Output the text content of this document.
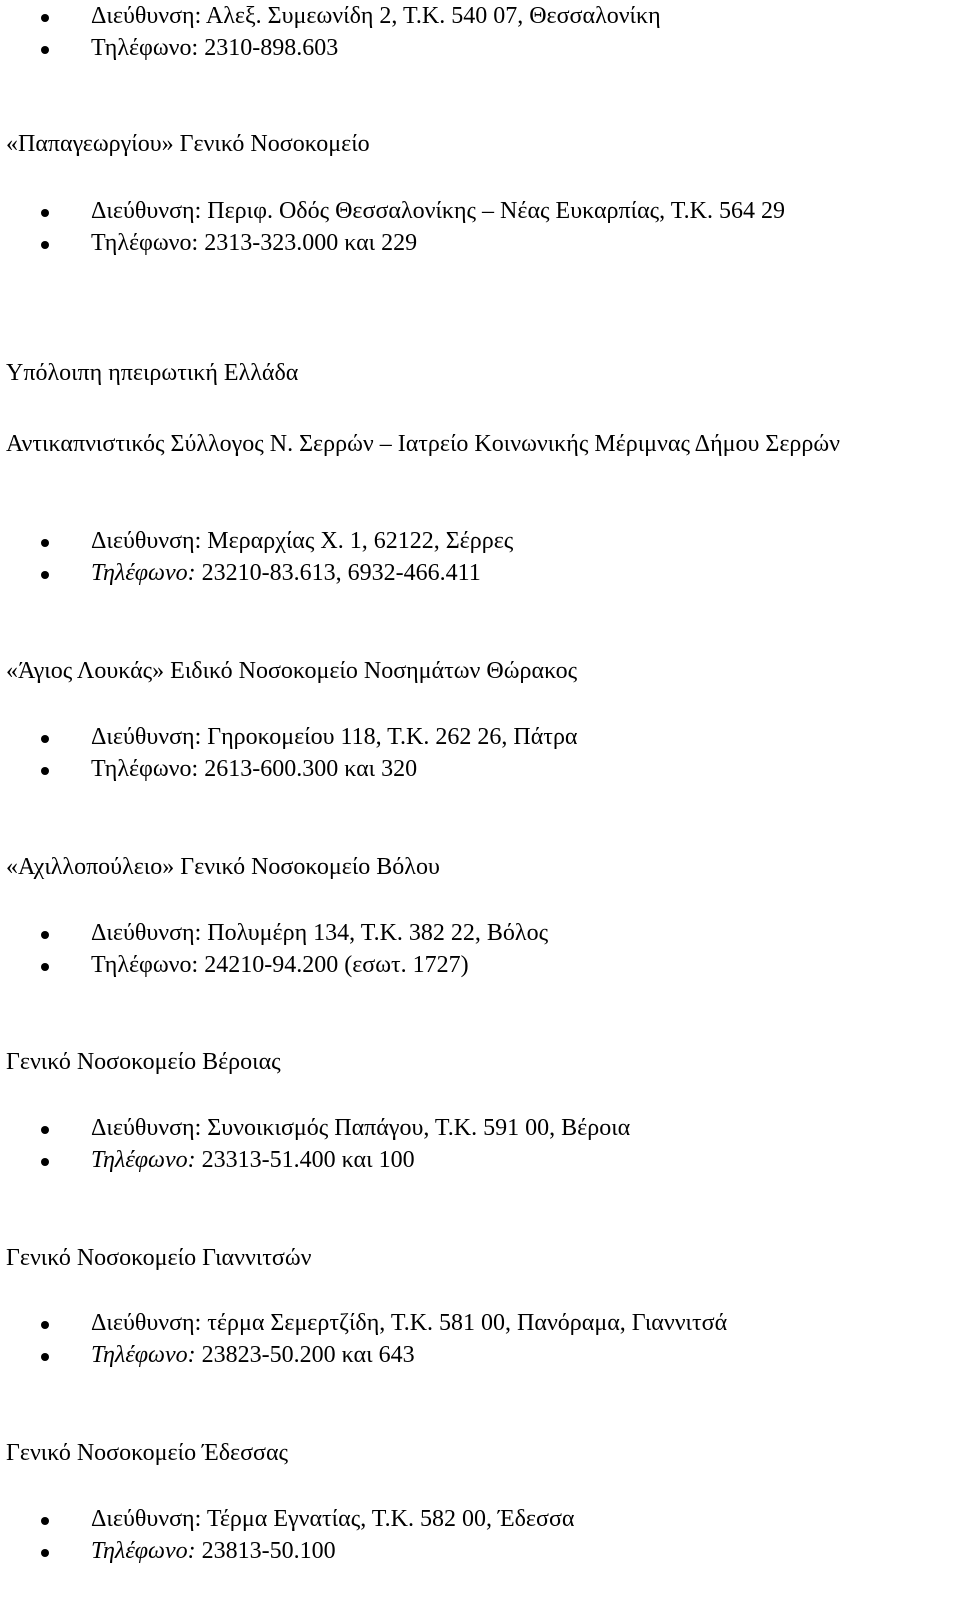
Διεύθυνση: Αλεξ. Συμεωνίδη 2, Τ.Κ. 540 07, Θεσσαλονίκη
Τηλέφωνο: 2310-898.603
«Παπαγεωργίου» Γενικό Νοσοκομείο
Διεύθυνση: Περιφ. Οδός Θεσσαλονίκης – Νέας Ευκαρπίας, Τ.Κ. 564 29
Τηλέφωνο: 2313-323.000 και 229
Υπόλοιπη ηπειρωτική Ελλάδα
Αντικαπνιστικός Σύλλογος Ν. Σερρών – Ιατρείο Κοινωνικής Μέριμνας Δήμου Σερρών
Διεύθυνση: Μεραρχίας Χ. 1, 62122, Σέρρες
Τηλέφωνο: 23210-83.613, 6932-466.411
«Άγιος Λουκάς» Ειδικό Νοσοκομείο Νοσημάτων Θώρακος
Διεύθυνση: Γηροκομείου 118, Τ.Κ. 262 26, Πάτρα
Τηλέφωνο: 2613-600.300 και 320
«Αχιλλοπούλειο» Γενικό Νοσοκομείο Βόλου
Διεύθυνση: Πολυμέρη 134, Τ.Κ. 382 22, Βόλος
Τηλέφωνο: 24210-94.200 (εσωτ. 1727)
Γενικό Νοσοκομείο Βέροιας
Διεύθυνση: Συνοικισμός Παπάγου, Τ.Κ. 591 00, Βέροια
Τηλέφωνο: 23313-51.400 και 100
Γενικό Νοσοκομείο Γιαννιτσών
Διεύθυνση: τέρμα Σεμερτζίδη, Τ.Κ. 581 00, Πανόραμα, Γιαννιτσά
Τηλέφωνο: 23823-50.200 και 643
Γενικό Νοσοκομείο Έδεσσας
Διεύθυνση: Τέρμα Εγνατίας, Τ.Κ. 582 00, Έδεσσα
Τηλέφωνο: 23813-50.100
